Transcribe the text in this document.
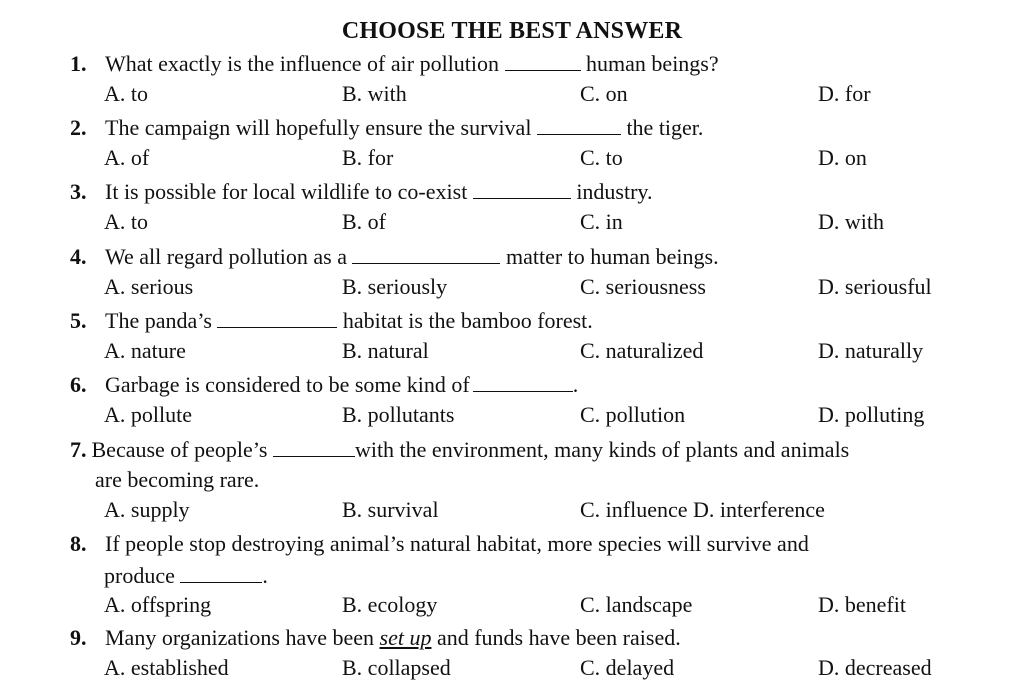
CHOOSE THE BEST ANSWER
1. What exactly is the influence of air pollution	human beings?
A. to	B. with	C. on	D. for
2. The campaign will hopefully ensure the survival	the tiger.
A. of	B. for	C. to	D. on
3. It is possible for local wildlife to co-exist	industry.
A. to	B. of	C. in	D. with
4. We all regard pollution as a	matter to human beings.
A. serious	B. seriously	C. seriousness	D. seriousful
5. The panda’s	habitat is the bamboo forest.
A. nature	B. natural	C. naturalized	D. naturally
6. Garbage is considered to be some kind of	.
A. pollute	B. pollutants	C. pollution	D. polluting
7. Because of people’s	with the environment, many kinds of plants and animals
are becoming rare.
A. supply	B. survival	C. influence D. interference
8. If people stop destroying animal’s natural habitat, more species will survive and
produce	.
A. offspring	B. ecology	C. landscape	D. benefit
9. Many organizations have been set up and funds have been raised.
A. established	B. collapsed	C. delayed	D. decreased
